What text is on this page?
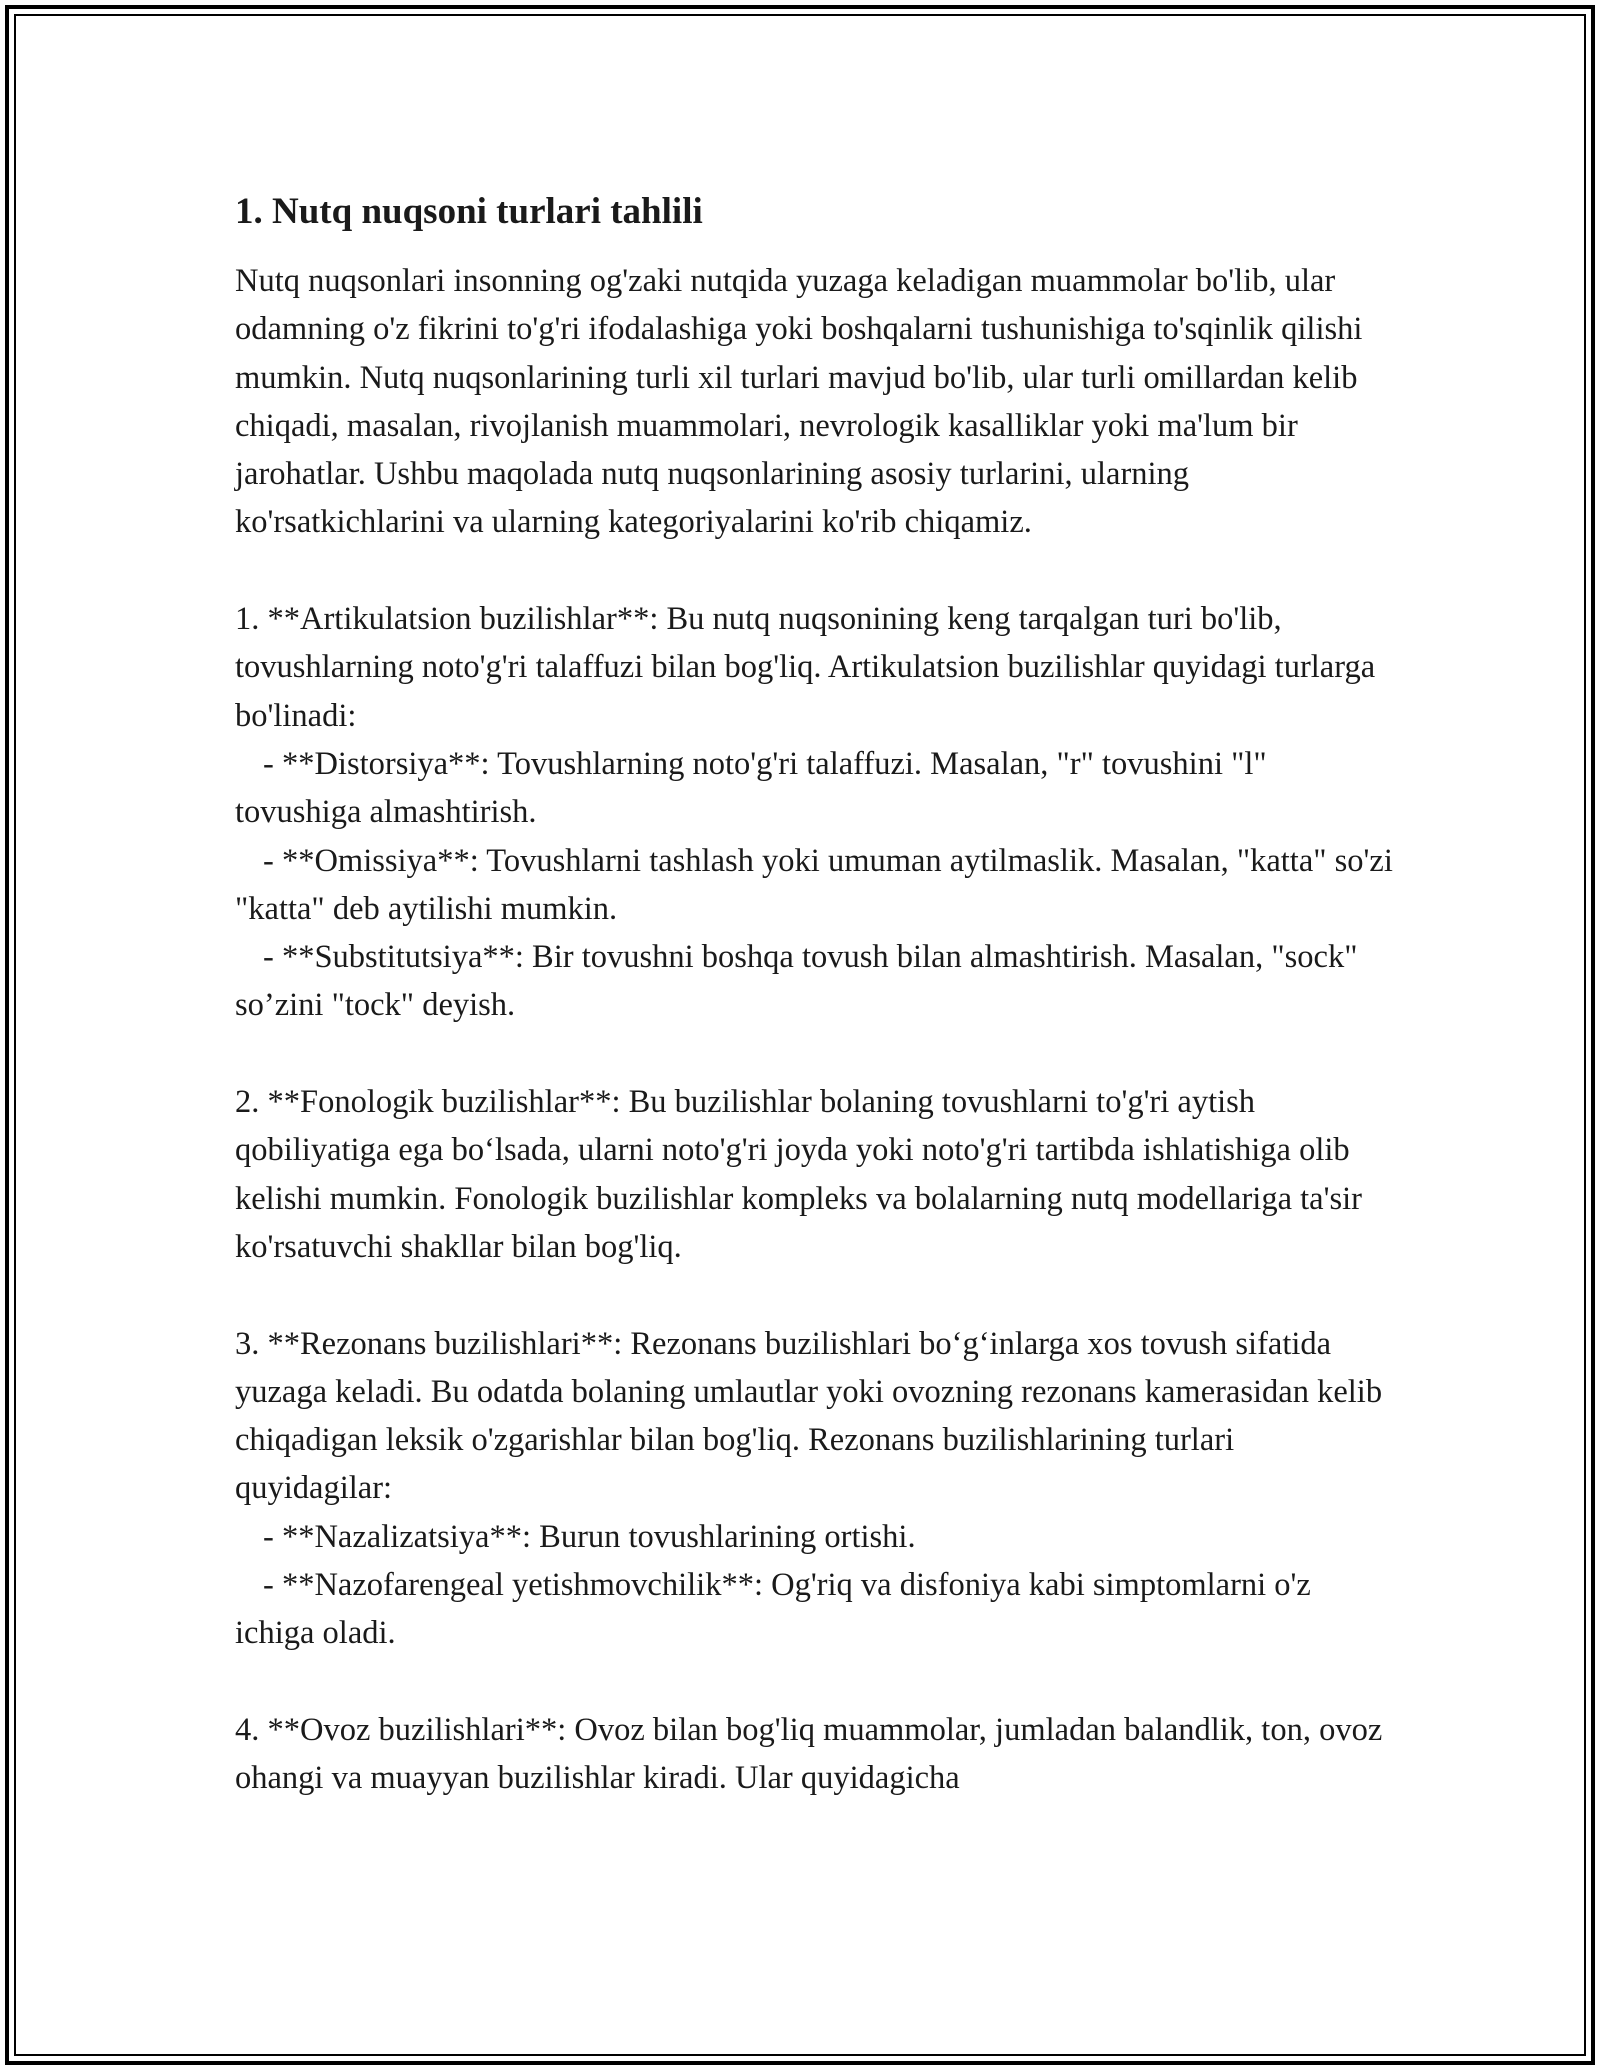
1. Nutq nuqsoni turlari tahlili

Nutq nuqsonlari insonning og'zaki nutqida yuzaga keladigan muammolar bo'lib, ular odamning o'z fikrini to'g'ri ifodalashiga yoki boshqalarni tushunishiga to'sqinlik qilishi mumkin. Nutq nuqsonlarining turli xil turlari mavjud bo'lib, ular turli omillardan kelib chiqadi, masalan, rivojlanish muammolari, nevrologik kasalliklar yoki ma'lum bir jarohatlar. Ushbu maqolada nutq nuqsonlarining asosiy turlarini, ularning ko'rsatkichlarini va ularning kategoriyalarini ko'rib chiqamiz.

1. **Artikulatsion buzilishlar**: Bu nutq nuqsonining keng tarqalgan turi bo'lib, tovushlarning noto'g'ri talaffuzi bilan bog'liq. Artikulatsion buzilishlar quyidagi turlarga bo'linadi:

- **Distorsiya**: Tovushlarning noto'g'ri talaffuzi. Masalan, "r" tovushini "l" tovushiga almashtirish.

- **Omissiya**: Tovushlarni tashlash yoki umuman aytilmaslik. Masalan, "katta" so'zi "katta" deb aytilishi mumkin.

- **Substitutsiya**: Bir tovushni boshqa tovush bilan almashtirish. Masalan, "sock" so’zini "tock" deyish.

2. **Fonologik buzilishlar**: Bu buzilishlar bolaning tovushlarni to'g'ri aytish qobiliyatiga ega bo‘lsada, ularni noto'g'ri joyda yoki noto'g'ri tartibda ishlatishiga olib kelishi mumkin. Fonologik buzilishlar kompleks va bolalarning nutq modellariga ta'sir ko'rsatuvchi shakllar bilan bog'liq.

3. **Rezonans buzilishlari**: Rezonans buzilishlari bo‘g‘inlarga xos tovush sifatida yuzaga keladi. Bu odatda bolaning umlautlar yoki ovozning rezonans kamerasidan kelib chiqadigan leksik o'zgarishlar bilan bog'liq. Rezonans buzilishlarining turlari quyidagilar:

- **Nazalizatsiya**: Burun tovushlarining ortishi.

- **Nazofarengeal yetishmovchilik**: Og'riq va disfoniya kabi simptomlarni o'z ichiga oladi.

4. **Ovoz buzilishlari**: Ovoz bilan bog'liq muammolar, jumladan balandlik, ton, ovoz ohangi va muayyan buzilishlar kiradi. Ular quyidagicha
